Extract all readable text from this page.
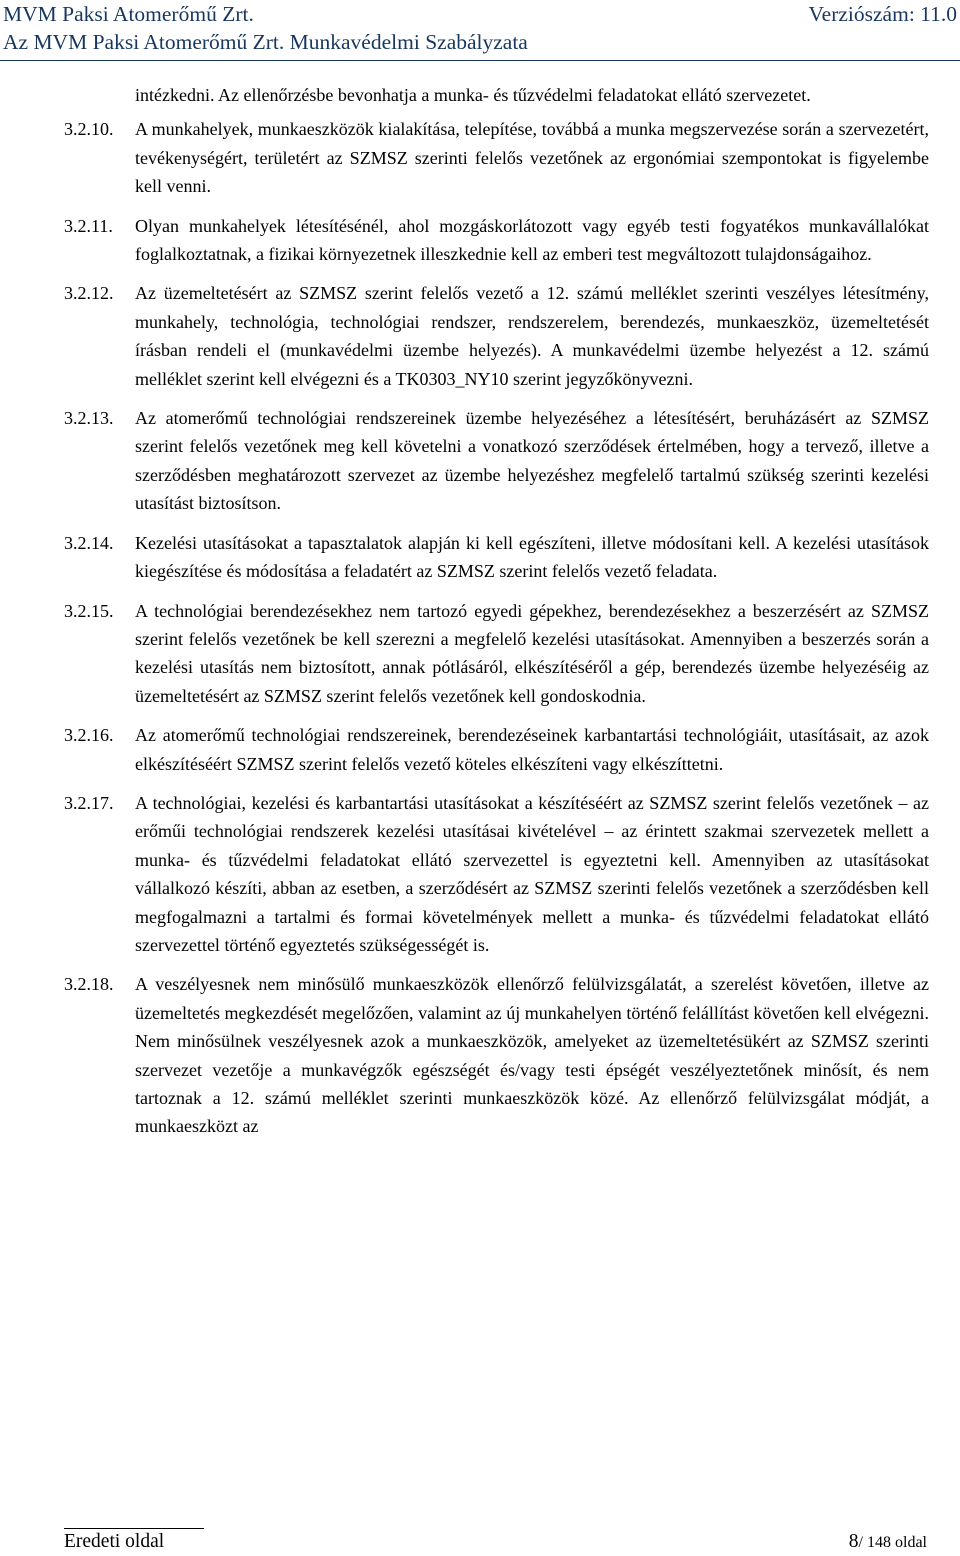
MVM Paksi Atomerőmű Zrt.	Verziószám: 11.0
Az MVM Paksi Atomerőmű Zrt. Munkavédelmi Szabályzata
intézkedni. Az ellenőrzésbe bevonhatja a munka- és tűzvédelmi feladatokat ellátó szervezetet.
3.2.10. A munkahelyek, munkaeszközök kialakítása, telepítése, továbbá a munka megszervezése során a szervezetért, tevékenységért, területért az SZMSZ szerinti felelős vezetőnek az ergonómiai szempontokat is figyelembe kell venni.
3.2.11. Olyan munkahelyek létesítésénél, ahol mozgáskorlátozott vagy egyéb testi fogyatékos munkavállalókat foglalkoztatnak, a fizikai környezetnek illeszkednie kell az emberi test megváltozott tulajdonságaihoz.
3.2.12. Az üzemeltetésért az SZMSZ szerint felelős vezető a 12. számú melléklet szerinti veszélyes létesítmény, munkahely, technológia, technológiai rendszer, rendszerelem, berendezés, munkaeszköz, üzemeltetését írásban rendeli el (munkavédelmi üzembe helyezés). A munkavédelmi üzembe helyezést a 12. számú melléklet szerint kell elvégezni és a TK0303_NY10 szerint jegyzőkönyvezni.
3.2.13. Az atomerőmű technológiai rendszereinek üzembe helyezéséhez a létesítésért, beruházásért az SZMSZ szerint felelős vezetőnek meg kell követelni a vonatkozó szerződések értelmében, hogy a tervező, illetve a szerződésben meghatározott szervezet az üzembe helyezéshez megfelelő tartalmú szükség szerinti kezelési utasítást biztosítson.
3.2.14. Kezelési utasításokat a tapasztalatok alapján ki kell egészíteni, illetve módosítani kell. A kezelési utasítások kiegészítése és módosítása a feladatért az SZMSZ szerint felelős vezető feladata.
3.2.15. A technológiai berendezésekhez nem tartozó egyedi gépekhez, berendezésekhez a beszerzésért az SZMSZ szerint felelős vezetőnek be kell szerezni a megfelelő kezelési utasításokat. Amennyiben a beszerzés során a kezelési utasítás nem biztosított, annak pótlásáról, elkészítéséről a gép, berendezés üzembe helyezéséig az üzemeltetésért az SZMSZ szerint felelős vezetőnek kell gondoskodnia.
3.2.16. Az atomerőmű technológiai rendszereinek, berendezéseinek karbantartási technológiáit, utasításait, az azok elkészítéséért SZMSZ szerint felelős vezető köteles elkészíteni vagy elkészíttetni.
3.2.17. A technológiai, kezelési és karbantartási utasításokat a készítéséért az SZMSZ szerint felelős vezetőnek – az erőműi technológiai rendszerek kezelési utasításai kivételével – az érintett szakmai szervezetek mellett a munka- és tűzvédelmi feladatokat ellátó szervezettel is egyeztetni kell. Amennyiben az utasításokat vállalkozó készíti, abban az esetben, a szerződésért az SZMSZ szerinti felelős vezetőnek a szerződésben kell megfogalmazni a tartalmi és formai követelmények mellett a munka- és tűzvédelmi feladatokat ellátó szervezettel történő egyeztetés szükségességét is.
3.2.18. A veszélyesnek nem minősülő munkaeszközök ellenőrző felülvizsgálatát, a szerelést követően, illetve az üzemeltetés megkezdését megelőzően, valamint az új munkahelyen történő felállítást követően kell elvégezni. Nem minősülnek veszélyesnek azok a munkaeszközök, amelyeket az üzemeltetésükért az SZMSZ szerinti szervezet vezetője a munkavégzők egészségét és/vagy testi épségét veszélyeztetőnek minősít, és nem tartoznak a 12. számú melléklet szerinti munkaeszközök közé. Az ellenőrző felülvizsgálat módját, a munkaeszközt az
Eredeti oldal	8/ 148 oldal
